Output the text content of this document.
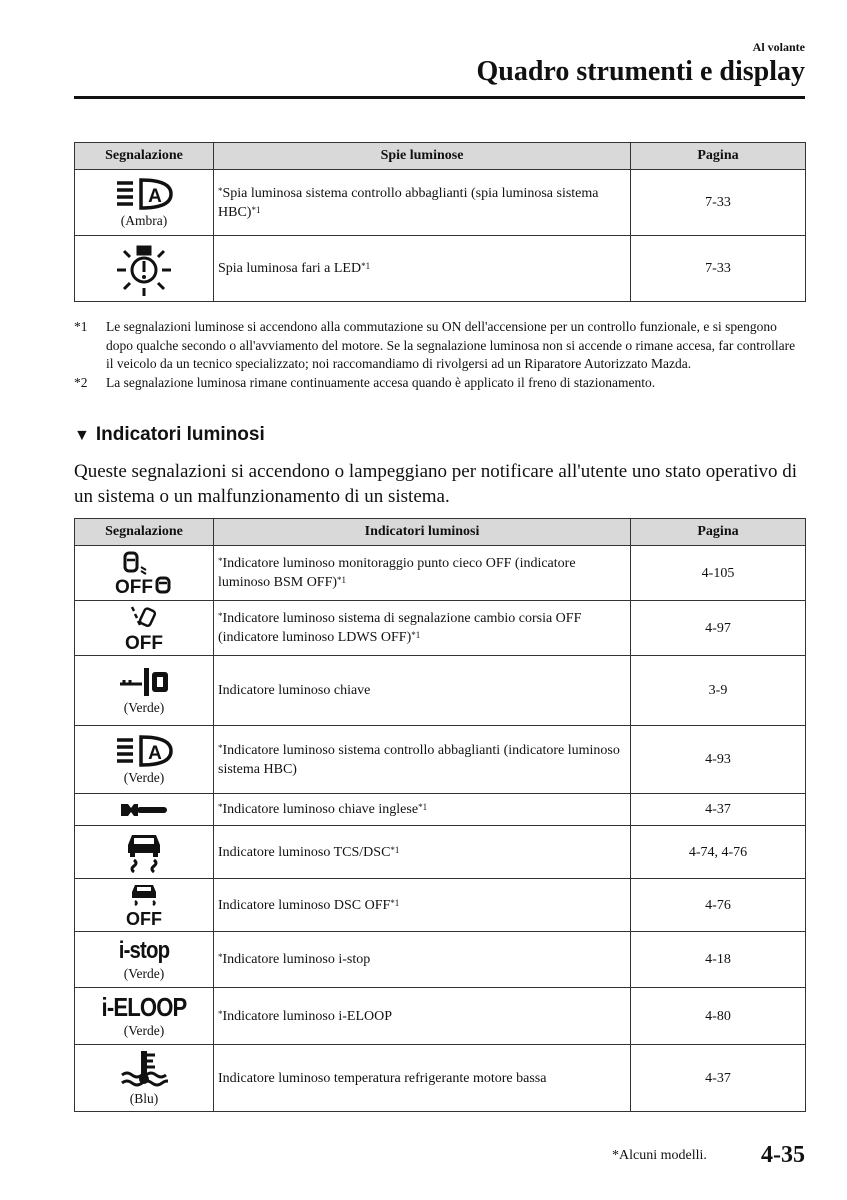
Al volante
Quadro strumenti e display
Segnalazione	Spie luminose	Pagina

A
(Ambra)	*Spia luminosa sistema controllo abbaglianti (spia luminosa sistema HBC)$^{*1}$	7-33

	Spia luminosa fari a LED$^{*1}$	7-33
*1	Le segnalazioni luminose si accendono alla commutazione su ON dell'accensione per un controllo funzionale, e si spengono dopo qualche secondo o all'avviamento del motore. Se la segnalazione luminosa non si accende o rimane accesa, far controllare il veicolo da un tecnico specializzato; noi raccomandiamo di rivolgersi ad un Riparatore Autorizzato Mazda.
*2	La segnalazione luminosa rimane continuamente accesa quando è applicato il freno di stazionamento.
▼ Indicatori luminosi
Queste segnalazioni si accendono o lampeggiano per notificare all'utente uno stato operativo di un sistema o un malfunzionamento di un sistema.
Segnalazione	Indicatori luminosi	Pagina

OFF	*Indicatore luminoso monitoraggio punto cieco OFF (indicatore luminoso BSM OFF)$^{*1}$	4-105

OFF	*Indicatore luminoso sistema di segnalazione cambio corsia OFF (indicatore luminoso LDWS OFF)$^{*1}$	4-97

(Verde)	Indicatore luminoso chiave	3-9

A
(Verde)	*Indicatore luminoso sistema controllo abbaglianti (indicatore luminoso sistema HBC)	4-93

	*Indicatore luminoso chiave inglese$^{*1}$	4-37

	Indicatore luminoso TCS/DSC$^{*1}$	4-74, 4-76

OFF	Indicatore luminoso DSC OFF$^{*1}$	4-76

i-stop
(Verde)	*Indicatore luminoso i-stop	4-18

i-ELOOP
(Verde)	*Indicatore luminoso i-ELOOP	4-80

(Blu)	Indicatore luminoso temperatura refrigerante motore bassa	4-37
*Alcuni modelli. 4-35
